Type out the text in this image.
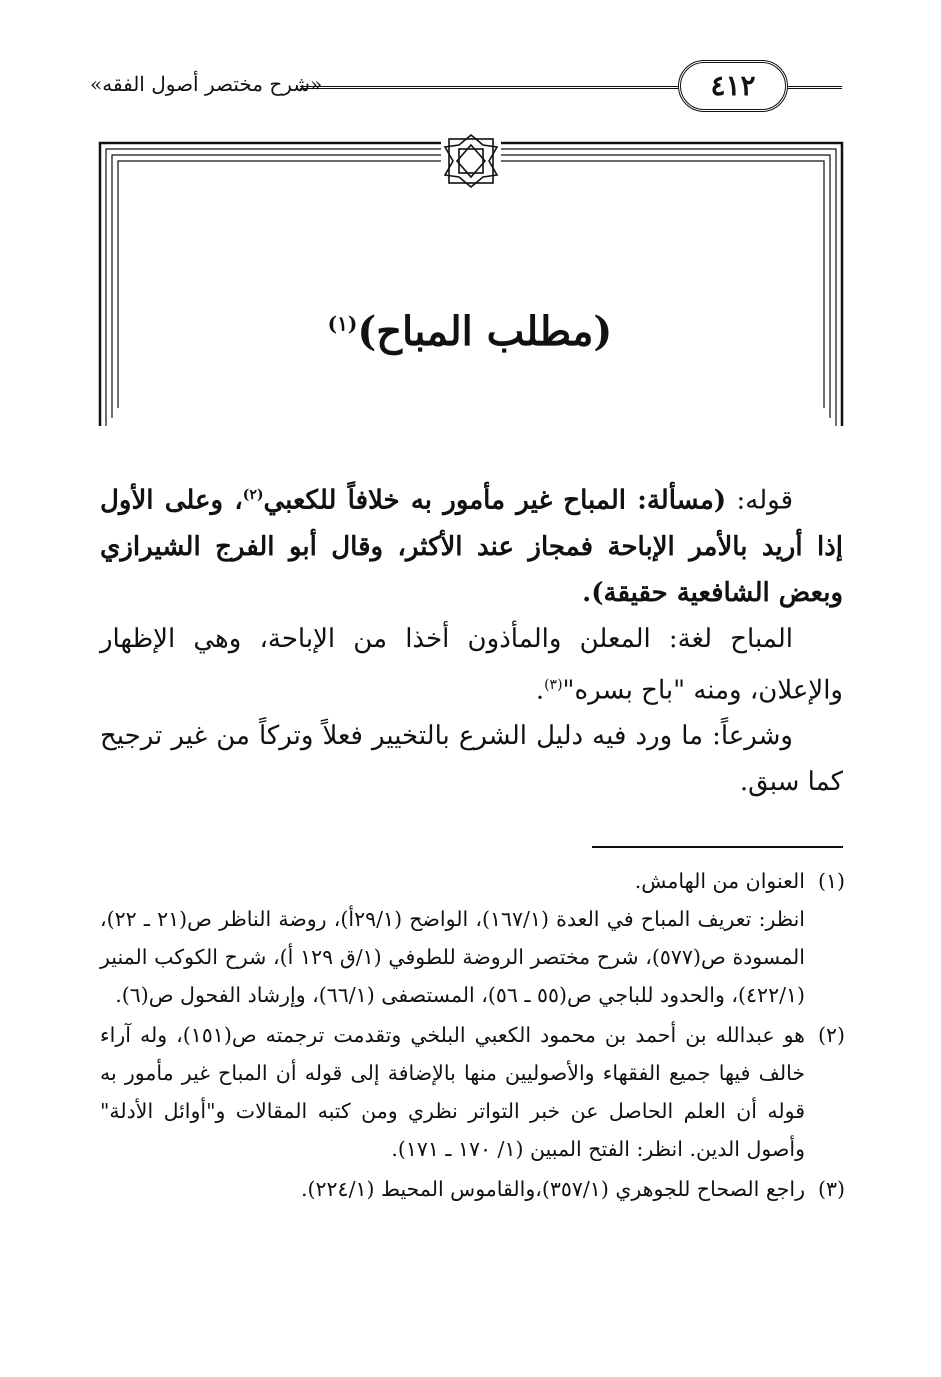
«شرح مختصر أصول الفقه»	٤١٢
(مطلب المباح)$^{(١)}$

قوله: (مسألة: المباح غير مأمور به خلافاً للكعبي$^{(٢)}$، وعلى الأول إذا أريد بالأمر الإباحة فمجاز عند الأكثر، وقال أبو الفرج الشيرازي وبعض الشافعية حقيقة).

المباح لغة: المعلن والمأذون أخذا من الإباحة، وهي الإظهار والإعلان، ومنه "باح بسره"$^{(٣)}$.

وشرعاً: ما ورد فيه دليل الشرع بالتخيير فعلاً وتركاً من غير ترجيح كما سبق.

(١)

العنوان من الهامش.

انظر: تعريف المباح في العدة (١٦٧/١)، الواضح (٢٩/١أ)، روضة الناظر ص(٢١ ـ ٢٢)، المسودة ص(٥٧٧)، شرح مختصر الروضة للطوفي (١/ق ١٢٩ أ)، شرح الكوكب المنير (٤٢٢/١)، والحدود للباجي ص(٥٥ ـ ٥٦)، المستصفى (٦٦/١)، وإرشاد الفحول ص(٦).

(٢)

هو عبدالله بن أحمد بن محمود الكعبي البلخي وتقدمت ترجمته ص(١٥١)، وله آراء خالف فيها جميع الفقهاء والأصوليين منها بالإضافة إلى قوله أن المباح غير مأمور به قوله أن العلم الحاصل عن خبر التواتر نظري ومن كتبه المقالات و"أوائل الأدلة" وأصول الدين. انظر: الفتح المبين (١/ ١٧٠ ـ ١٧١).

(٣)

راجع الصحاح للجوهري (٣٥٧/١)،والقاموس المحيط (٢٢٤/١).
